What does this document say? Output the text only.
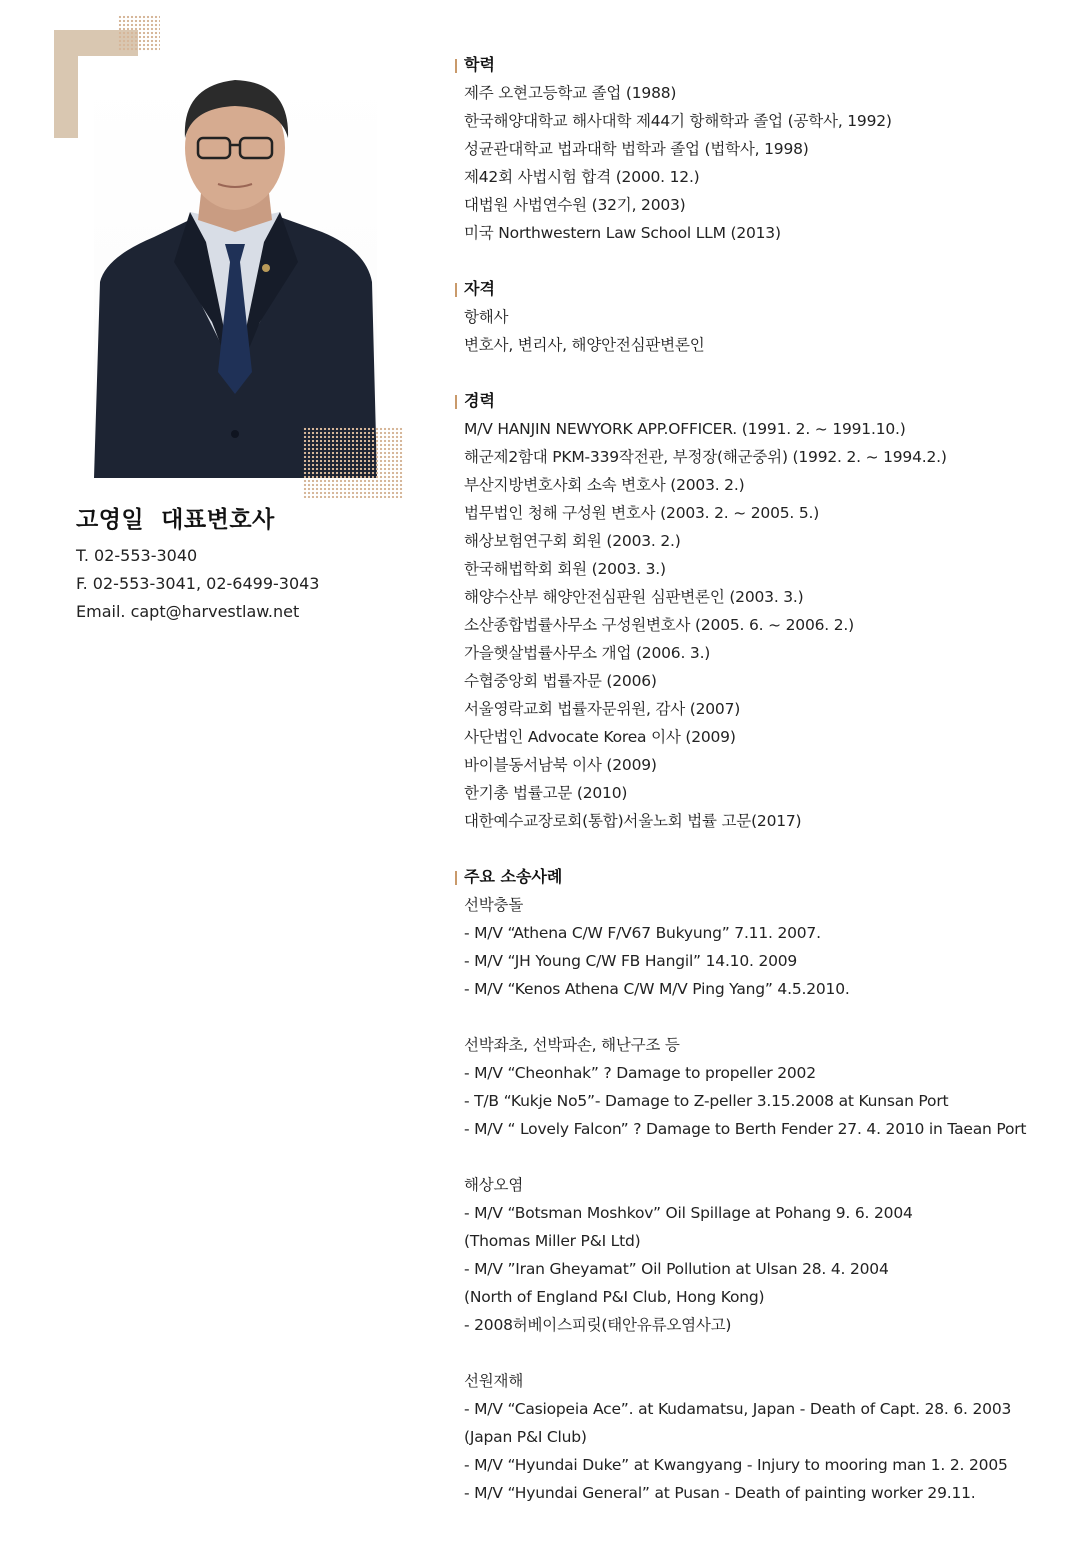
고영일  대표변호사
T. 02-553-3040
F. 02-553-3041, 02-6499-3043
Email. capt@harvestlaw.net
학력
제주 오현고등학교 졸업 (1988)
한국해양대학교 해사대학 제44기 항해학과 졸업 (공학사, 1992)
성균관대학교 법과대학 법학과 졸업 (법학사, 1998)
제42회 사법시험 합격 (2000. 12.)
대법원 사법연수원 (32기, 2003)
미국 Northwestern Law School LLM (2013)
자격
항해사
변호사, 변리사, 해양안전심판변론인
경력
M/V HANJIN NEWYORK APP.OFFICER. (1991. 2. ~ 1991.10.)
해군제2함대 PKM-339작전관, 부정장(해군중위) (1992. 2. ~ 1994.2.)
부산지방변호사회 소속 변호사 (2003. 2.)
법무법인 청해 구성원 변호사 (2003. 2. ~ 2005. 5.)
해상보험연구회 회원 (2003. 2.)
한국해법학회 회원 (2003. 3.)
해양수산부 해양안전심판원 심판변론인 (2003. 3.)
소산종합법률사무소 구성원변호사 (2005. 6. ~ 2006. 2.)
가을햇살법률사무소 개업 (2006. 3.)
수협중앙회 법률자문 (2006)
서울영락교회 법률자문위원, 감사 (2007)
사단법인 Advocate Korea 이사 (2009)
바이블동서남북 이사 (2009)
한기총 법률고문 (2010)
대한예수교장로회(통합)서울노회 법률 고문(2017)
주요 소송사례
선박충돌
- M/V “Athena C/W F/V67 Bukyung” 7.11. 2007.
- M/V “JH Young C/W FB Hangil” 14.10. 2009
- M/V “Kenos Athena C/W M/V Ping Yang” 4.5.2010.
선박좌초, 선박파손, 해난구조 등
- M/V “Cheonhak” ? Damage to propeller 2002
- T/B “Kukje No5”- Damage to Z-peller 3.15.2008 at Kunsan Port
- M/V “ Lovely Falcon” ? Damage to Berth Fender 27. 4. 2010 in Taean Port
해상오염
- M/V “Botsman Moshkov” Oil Spillage at Pohang 9. 6. 2004
(Thomas Miller P&I Ltd)
- M/V ”Iran Gheyamat” Oil Pollution at Ulsan 28. 4. 2004
(North of England P&I Club, Hong Kong)
- 2008허베이스피릿(태안유류오염사고)
선원재해
- M/V “Casiopeia Ace”. at Kudamatsu, Japan - Death of Capt. 28. 6. 2003
(Japan P&I Club)
- M/V “Hyundai Duke” at Kwangyang - Injury to mooring man 1. 2. 2005
- M/V “Hyundai General” at Pusan - Death of painting worker 29.11.
